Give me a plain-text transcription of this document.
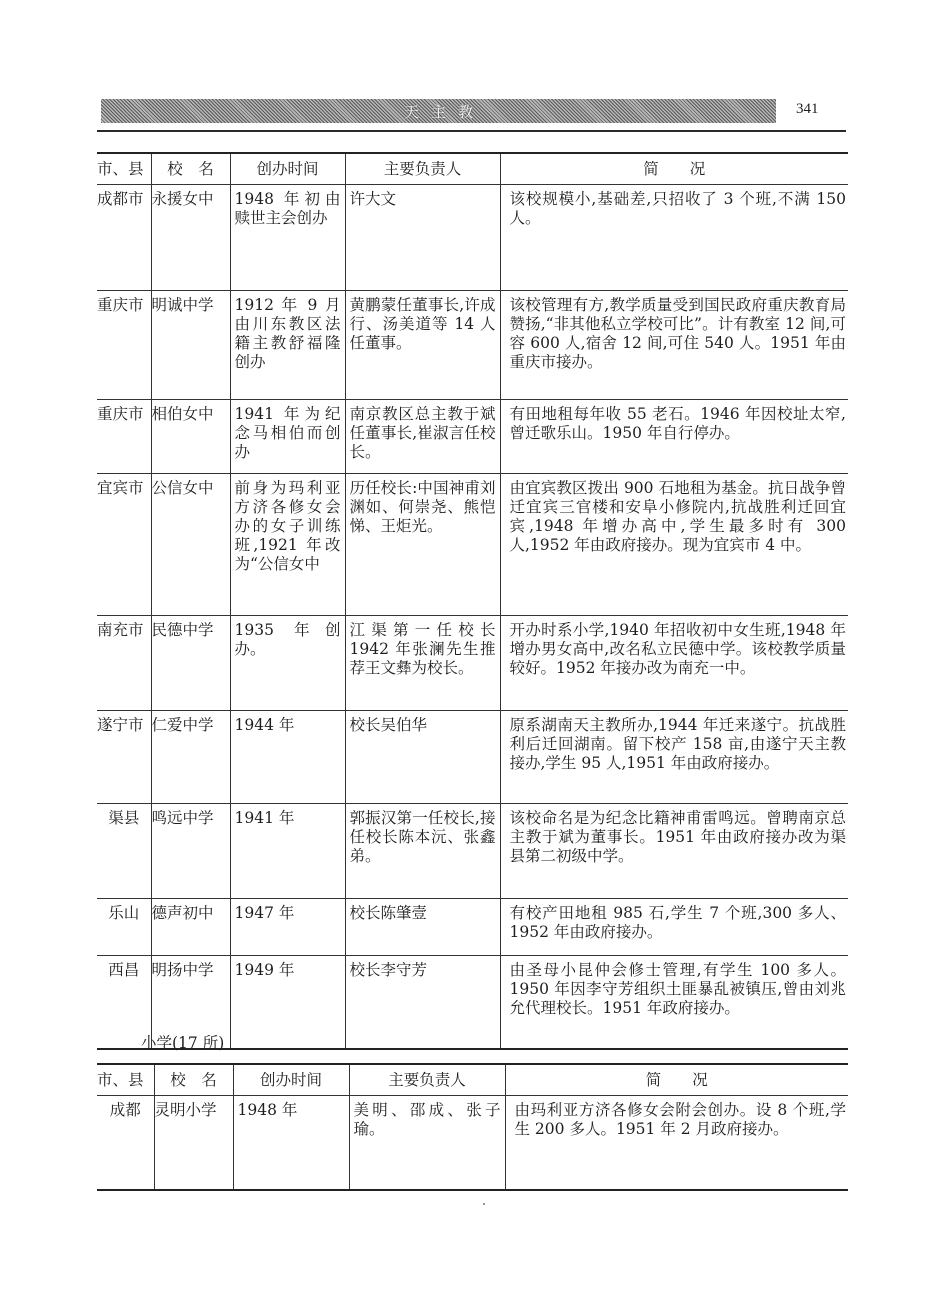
天主教	341
市、县	校　名	创办时间	主要负责人	简　　况
成都市	永援女中	1948 年初由赎世主会创办	许大文	该校规模小,基础差,只招收了 3 个班,不满 150 人。
重庆市	明诚中学	1912 年 9 月由川东教区法籍主教舒福隆创办	黄鹏蒙任董事长,许成行、汤美道等 14 人任董事。	该校管理有方,教学质量受到国民政府重庆教育局赞扬,“非其他私立学校可比”。计有教室 12 间,可容 600 人,宿舍 12 间,可住 540 人。1951 年由重庆市接办。
重庆市	相伯女中	1941 年为纪念马相伯而创办	南京教区总主教于斌任董事长,崔淑言任校长。	有田地租每年收 55 老石。1946 年因校址太窄,曾迁歌乐山。1950 年自行停办。
宜宾市	公信女中	前身为玛利亚方济各修女会办的女子训练班,1921 年改为“公信女中	历任校长:中国神甫刘渊如、何崇尧、熊恺悌、王炬光。	由宜宾教区拨出 900 石地租为基金。抗日战争曾迁宜宾三官楼和安阜小修院内,抗战胜利迁回宜宾,1948 年增办高中,学生最多时有 300 人,1952 年由政府接办。现为宜宾市 4 中。
南充市	民德中学	1935 年创办。	江渠第一任校长 1942 年张澜先生推荐王文彝为校长。	开办时系小学,1940 年招收初中女生班,1948 年增办男女高中,改名私立民德中学。该校教学质量较好。1952 年接办改为南充一中。
遂宁市	仁爱中学	1944 年	校长吴伯华	原系湖南天主教所办,1944 年迁来遂宁。抗战胜利后迁回湖南。留下校产 158 亩,由遂宁天主教接办,学生 95 人,1951 年由政府接办。
渠县	鸣远中学	1941 年	郭振汉第一任校长,接任校长陈本沅、张鑫弟。	该校命名是为纪念比籍神甫雷鸣远。曾聘南京总主教于斌为董事长。1951 年由政府接办改为渠县第二初级中学。
乐山	德声初中	1947 年	校长陈肇壹	有校产田地租 985 石,学生 7 个班,300 多人、1952 年由政府接办。
西昌	明扬中学	1949 年	校长李守芳	由圣母小昆仲会修士管理,有学生 100 多人。1950 年因李守芳组织土匪暴乱被镇压,曾由刘兆允代理校长。1951 年政府接办。
小学(17 所)
市、县	校　名	创办时间	主要负责人	简　　况
成都	灵明小学	1948 年	美明、邵成、张子瑜。	由玛利亚方济各修女会附会创办。设 8 个班,学生 200 多人。1951 年 2 月政府接办。
